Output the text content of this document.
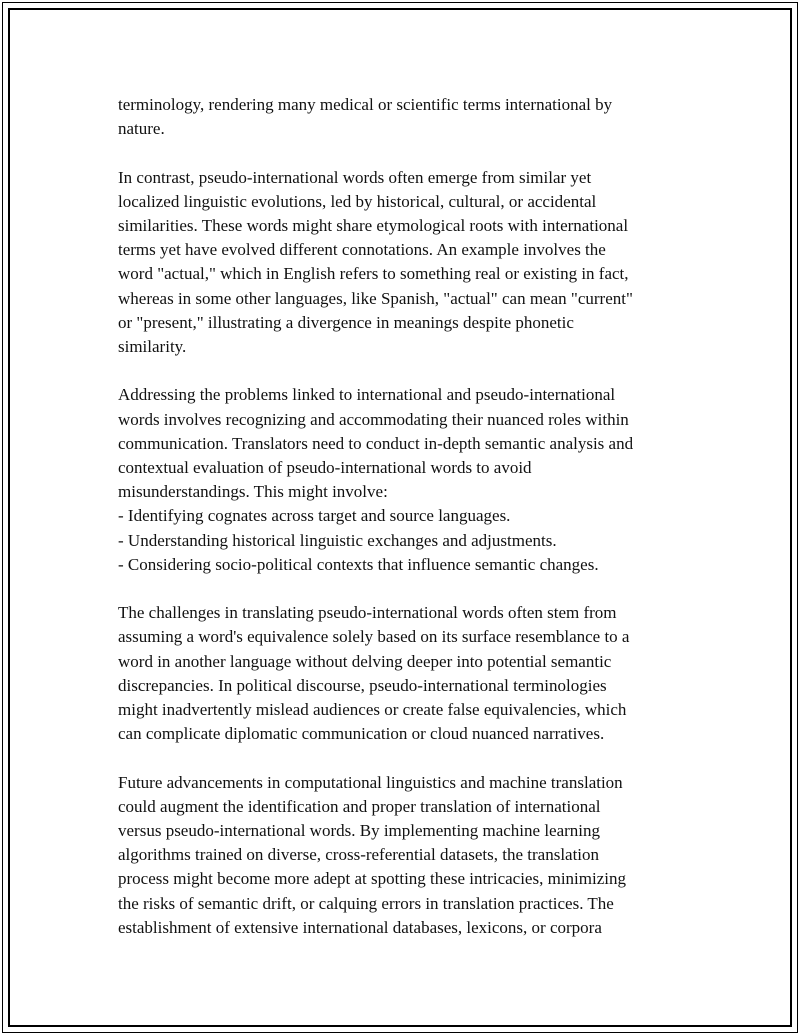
terminology, rendering many medical or scientific terms international by
nature.

In contrast, pseudo-international words often emerge from similar yet
localized linguistic evolutions, led by historical, cultural, or accidental
similarities. These words might share etymological roots with international
terms yet have evolved different connotations. An example involves the
word "actual," which in English refers to something real or existing in fact,
whereas in some other languages, like Spanish, "actual" can mean "current"
or "present," illustrating a divergence in meanings despite phonetic
similarity.

Addressing the problems linked to international and pseudo-international
words involves recognizing and accommodating their nuanced roles within
communication. Translators need to conduct in-depth semantic analysis and
contextual evaluation of pseudo-international words to avoid
misunderstandings. This might involve:
- Identifying cognates across target and source languages.
- Understanding historical linguistic exchanges and adjustments.
- Considering socio-political contexts that influence semantic changes.

The challenges in translating pseudo-international words often stem from
assuming a word's equivalence solely based on its surface resemblance to a
word in another language without delving deeper into potential semantic
discrepancies. In political discourse, pseudo-international terminologies
might inadvertently mislead audiences or create false equivalencies, which
can complicate diplomatic communication or cloud nuanced narratives.

Future advancements in computational linguistics and machine translation
could augment the identification and proper translation of international
versus pseudo-international words. By implementing machine learning
algorithms trained on diverse, cross-referential datasets, the translation
process might become more adept at spotting these intricacies, minimizing
the risks of semantic drift, or calquing errors in translation practices. The
establishment of extensive international databases, lexicons, or corpora
